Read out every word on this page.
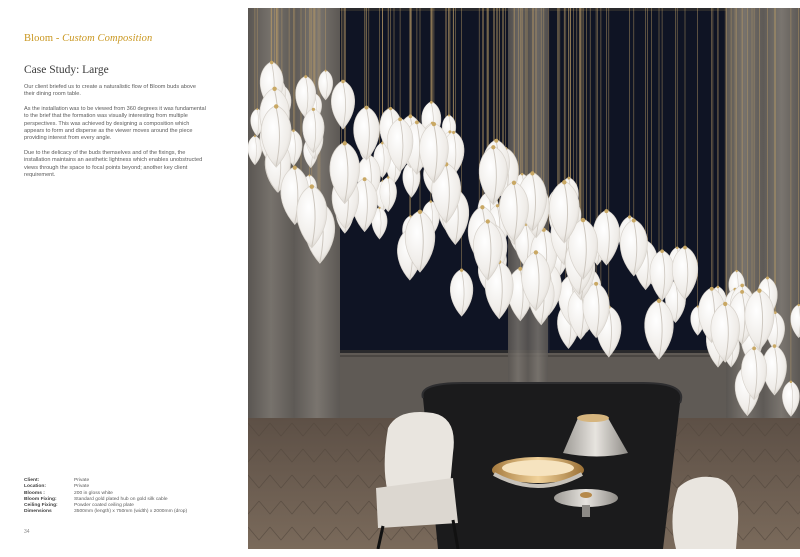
Bloom - Custom Composition
Case Study: Large

Our client briefed us to create a naturalistic flow of Bloom buds above their dining room table.

As the installation was to be viewed from 360 degrees it was fundamental to the brief that the formation was visually interesting from multiple perspectives. This was achieved by designing a composition which appears to form and disperse as the viewer moves around the piece providing interest from every angle.

Due to the delicacy of the buds themselves and of the fixings, the installation maintains an aesthetic lightness which enables unobstructed views through the space to focal points beyond; another key client requirement.

Client:	Private
Location:	Private
Blooms :	200 in gloss white
Bloom Fixing:	Standard gold plated hub on gold silk cable
Ceiling Fixing:	Powder coated ceiling plate
Dimensions	3500mm (length) x 750mm (width) x 2000mm (drop)
34
